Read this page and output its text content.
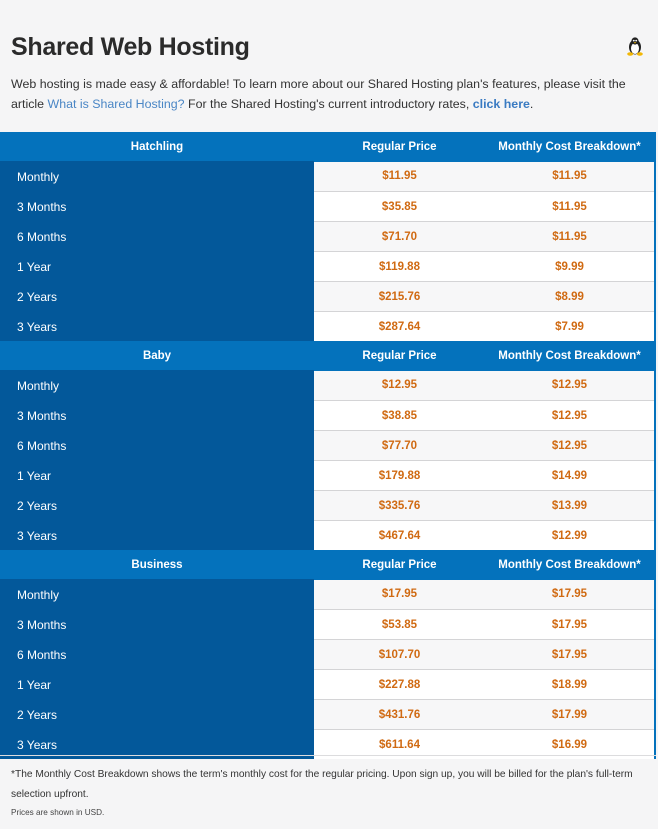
Shared Web Hosting

Web hosting is made easy & affordable! To learn more about our Shared Hosting plan's features, please visit the article What is Shared Hosting? For the Shared Hosting's current introductory rates, click here.

Hatchling	Regular Price	Monthly Cost Breakdown*
Monthly	$11.95	$11.95
3 Months	$35.85	$11.95
6 Months	$71.70	$11.95
1 Year	$119.88	$9.99
2 Years	$215.76	$8.99
3 Years	$287.64	$7.99
Baby	Regular Price	Monthly Cost Breakdown*
Monthly	$12.95	$12.95
3 Months	$38.85	$12.95
6 Months	$77.70	$12.95
1 Year	$179.88	$14.99
2 Years	$335.76	$13.99
3 Years	$467.64	$12.99
Business	Regular Price	Monthly Cost Breakdown*
Monthly	$17.95	$17.95
3 Months	$53.85	$17.95
6 Months	$107.70	$17.95
1 Year	$227.88	$18.99
2 Years	$431.76	$17.99
3 Years	$611.64	$16.99

*The Monthly Cost Breakdown shows the term's monthly cost for the regular pricing. Upon sign up, you will be billed for the plan's full-term selection upfront.

Prices are shown in USD.
